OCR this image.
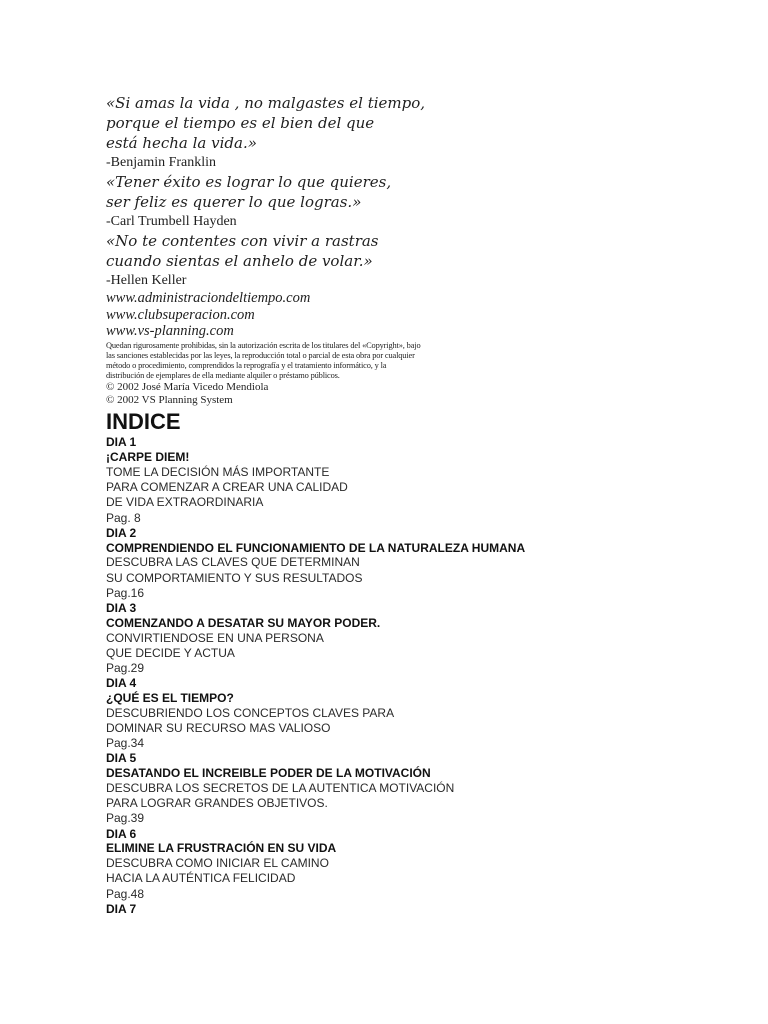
«Si amas la vida , no malgastes el tiempo,

porque el tiempo es el bien del que

está hecha la vida.»

-Benjamin Franklin

«Tener éxito es lograr lo que quieres,

ser feliz es querer lo que logras.»

-Carl Trumbell Hayden

«No te contentes con vivir a rastras

cuando sientas el anhelo de volar.»

-Hellen Keller

www.administraciondeltiempo.com

www.clubsuperacion.com

www.vs-planning.com

Quedan rigurosamente prohibidas, sin la autorización escrita de los titulares del «Copyright», bajo las sanciones establecidas por las leyes, la reproducción total o parcial de esta obra por cualquier método o procedimiento, comprendidos la reprografía y el tratamiento informático, y la distribución de ejemplares de ella mediante alquiler o préstamo públicos.

© 2002 José María Vicedo Mendiola

© 2002 VS Planning System

INDICE

DIA 1

¡CARPE DIEM!

TOME LA DECISIÓN MÁS IMPORTANTE

PARA COMENZAR A CREAR UNA CALIDAD

DE VIDA EXTRAORDINARIA

Pag. 8

DIA 2

COMPRENDIENDO EL FUNCIONAMIENTO DE LA NATURALEZA HUMANA

DESCUBRA LAS CLAVES QUE DETERMINAN

SU COMPORTAMIENTO Y SUS RESULTADOS

Pag.16

DIA 3

COMENZANDO A DESATAR SU MAYOR PODER.

CONVIRTIENDOSE EN UNA PERSONA

QUE DECIDE Y ACTUA

Pag.29

DIA 4

¿QUÉ ES EL TIEMPO?

DESCUBRIENDO LOS CONCEPTOS CLAVES PARA

DOMINAR SU RECURSO MAS VALIOSO

Pag.34

DIA 5

DESATANDO EL INCREIBLE PODER DE LA MOTIVACIÓN

DESCUBRA LOS SECRETOS DE LA AUTENTICA MOTIVACIÓN

PARA LOGRAR GRANDES OBJETIVOS.

Pag.39

DIA 6

ELIMINE LA FRUSTRACIÓN EN SU VIDA

DESCUBRA COMO INICIAR EL CAMINO

HACIA LA AUTÉNTICA FELICIDAD

Pag.48

DIA 7
